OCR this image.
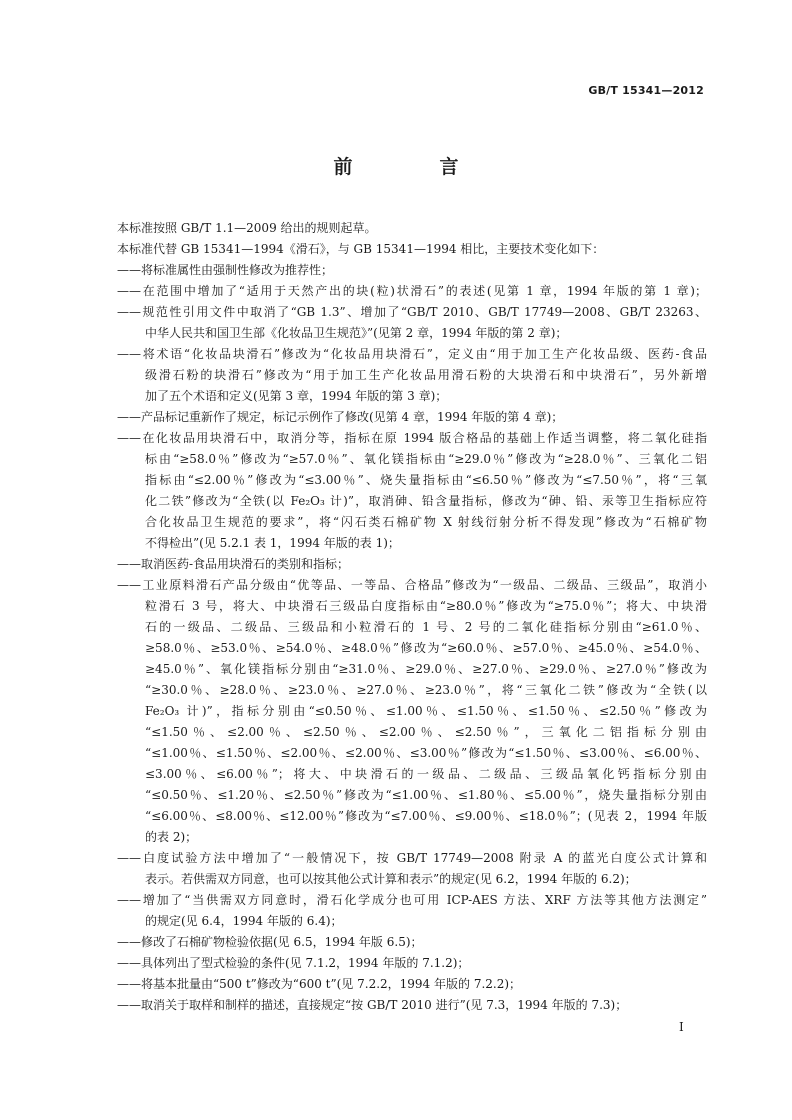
GB/T 15341—2012
前　言
本标准按照 GB/T 1.1—2009 给出的规则起草。
本标准代替 GB 15341—1994《滑石》，与 GB 15341—1994 相比，主要技术变化如下：
——将标准属性由强制性修改为推荐性；
——在范围中增加了“适用于天然产出的块(粒)状滑石”的表述(见第 1 章，1994 年版的第 1 章)；
——规范性引用文件中取消了“GB 1.3”、增加了“GB/T 2010、GB/T 17749—2008、GB/T 23263、
中华人民共和国卫生部《化妆品卫生规范》”(见第 2 章，1994 年版的第 2 章)；
——将术语“化妆品块滑石”修改为“化妆品用块滑石”，定义由“用于加工生产化妆品级、医药-食品
级滑石粉的块滑石”修改为“用于加工生产化妆品用滑石粉的大块滑石和中块滑石”，另外新增
加了五个术语和定义(见第 3 章，1994 年版的第 3 章)；
——产品标记重新作了规定，标记示例作了修改(见第 4 章，1994 年版的第 4 章)；
——在化妆品用块滑石中，取消分等，指标在原 1994 版合格品的基础上作适当调整，将二氧化硅指
标由“≥58.0％”修改为“≥57.0％”、氧化镁指标由“≥29.0％”修改为“≥28.0％”、三氧化二铝
指标由“≤2.00％”修改为“≤3.00％”、烧失量指标由“≤6.50％”修改为“≤7.50％”，将“三氧
化二铁”修改为“全铁(以 Fe₂O₃ 计)”，取消砷、铅含量指标，修改为“砷、铅、汞等卫生指标应符
合化妆品卫生规范的要求”，将“闪石类石棉矿物 X 射线衍射分析不得发现”修改为“石棉矿物
不得检出”(见 5.2.1 表 1，1994 年版的表 1)；
——取消医药-食品用块滑石的类别和指标；
——工业原料滑石产品分级由“优等品、一等品、合格品”修改为“一级品、二级品、三级品”，取消小
粒滑石 3 号，将大、中块滑石三级品白度指标由“≥80.0％”修改为“≥75.0％”；将大、中块滑
石的一级品、二级品、三级品和小粒滑石的 1 号、2 号的二氧化硅指标分别由“≥61.0％、
≥58.0％、≥53.0％、≥54.0％、≥48.0％”修改为“≥60.0％、≥57.0％、≥45.0％、≥54.0％、
≥45.0％”、氧化镁指标分别由“≥31.0％、≥29.0％、≥27.0％、≥29.0％、≥27.0％”修改为
“≥30.0％、≥28.0％、≥23.0％、≥27.0％、≥23.0％”，将“三氧化二铁”修改为“全铁(以
Fe₂O₃ 计)”，指标分别由“≤0.50％、≤1.00％、≤1.50％、≤1.50％、≤2.50％”修改为
“≤1.50％、≤2.00％、≤2.50％、≤2.00％、≤2.50％”，三氧化二铝指标分别由
“≤1.00％、≤1.50％、≤2.00％、≤2.00％、≤3.00％”修改为“≤1.50％、≤3.00％、≤6.00％、
≤3.00％、≤6.00％”；将大、中块滑石的一级品、二级品、三级品氧化钙指标分别由
“≤0.50％、≤1.20％、≤2.50％”修改为“≤1.00％、≤1.80％、≤5.00％”，烧失量指标分别由
“≤6.00％、≤8.00％、≤12.00％”修改为“≤7.00％、≤9.00％、≤18.0％”；(见表 2，1994 年版
的表 2)；
——白度试验方法中增加了“一般情况下，按 GB/T 17749—2008 附录 A 的蓝光白度公式计算和
表示。若供需双方同意，也可以按其他公式计算和表示”的规定(见 6.2，1994 年版的 6.2)；
——增加了“当供需双方同意时，滑石化学成分也可用 ICP-AES 方法、XRF 方法等其他方法测定”
的规定(见 6.4，1994 年版的 6.4)；
——修改了石棉矿物检验依据(见 6.5，1994 年版 6.5)；
——具体列出了型式检验的条件(见 7.1.2，1994 年版的 7.1.2)；
——将基本批量由“500 t”修改为“600 t”(见 7.2.2，1994 年版的 7.2.2)；
——取消关于取样和制样的描述，直接规定“按 GB/T 2010 进行”(见 7.3，1994 年版的 7.3)；
I
